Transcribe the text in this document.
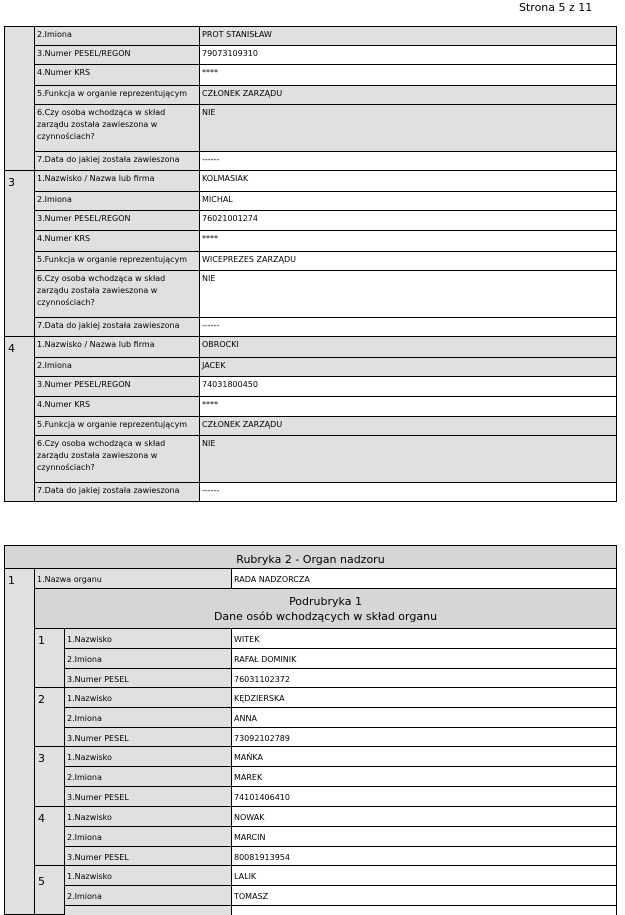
Strona 5 z 11
2.Imiona	PROT STANISŁAW
3.Numer PESEL/REGON	79073109310
4.Numer KRS	****
5.Funkcja w organie reprezentującym	CZŁONEK ZARZĄDU
6.Czy osoba wchodząca w skład zarządu została zawieszona w czynnościach?
NIE
7.Data do jakiej została zawieszona	------
3	1.Nazwisko / Nazwa lub firma	KOLMASIAK
2.Imiona	MICHAL
3.Numer PESEL/REGON	76021001274
4.Numer KRS	****
5.Funkcja w organie reprezentującym	WICEPREZES ZARZĄDU
6.Czy osoba wchodząca w skład zarządu została zawieszona w czynnościach?
NIE
7.Data do jakiej została zawieszona	------
4	1.Nazwisko / Nazwa lub firma	OBROCKI
2.Imiona	JACEK
3.Numer PESEL/REGON	74031800450
4.Numer KRS	****
5.Funkcja w organie reprezentującym	CZŁONEK ZARZĄDU
6.Czy osoba wchodząca w skład zarządu została zawieszona w czynnościach?
NIE
7.Data do jakiej została zawieszona	------
Rubryka 2 - Organ nadzoru
1	1.Nazwa organu	RADA NADZORCZA
Podrubryka 1
Dane osób wchodzących w skład organu
1	1.Nazwisko	WITEK
2.Imiona	RAFAŁ DOMINIK
3.Numer PESEL	76031102372
2	1.Nazwisko	KĘDZIERSKA
2.Imiona	ANNA
3.Numer PESEL	73092102789
3	1.Nazwisko	MAŃKA
2.Imiona	MAREK
3.Numer PESEL	74101406410
4	1.Nazwisko	NOWAK
2.Imiona	MARCIN
3.Numer PESEL	80081913954
5	1.Nazwisko	LALIK
2.Imiona	TOMASZ
